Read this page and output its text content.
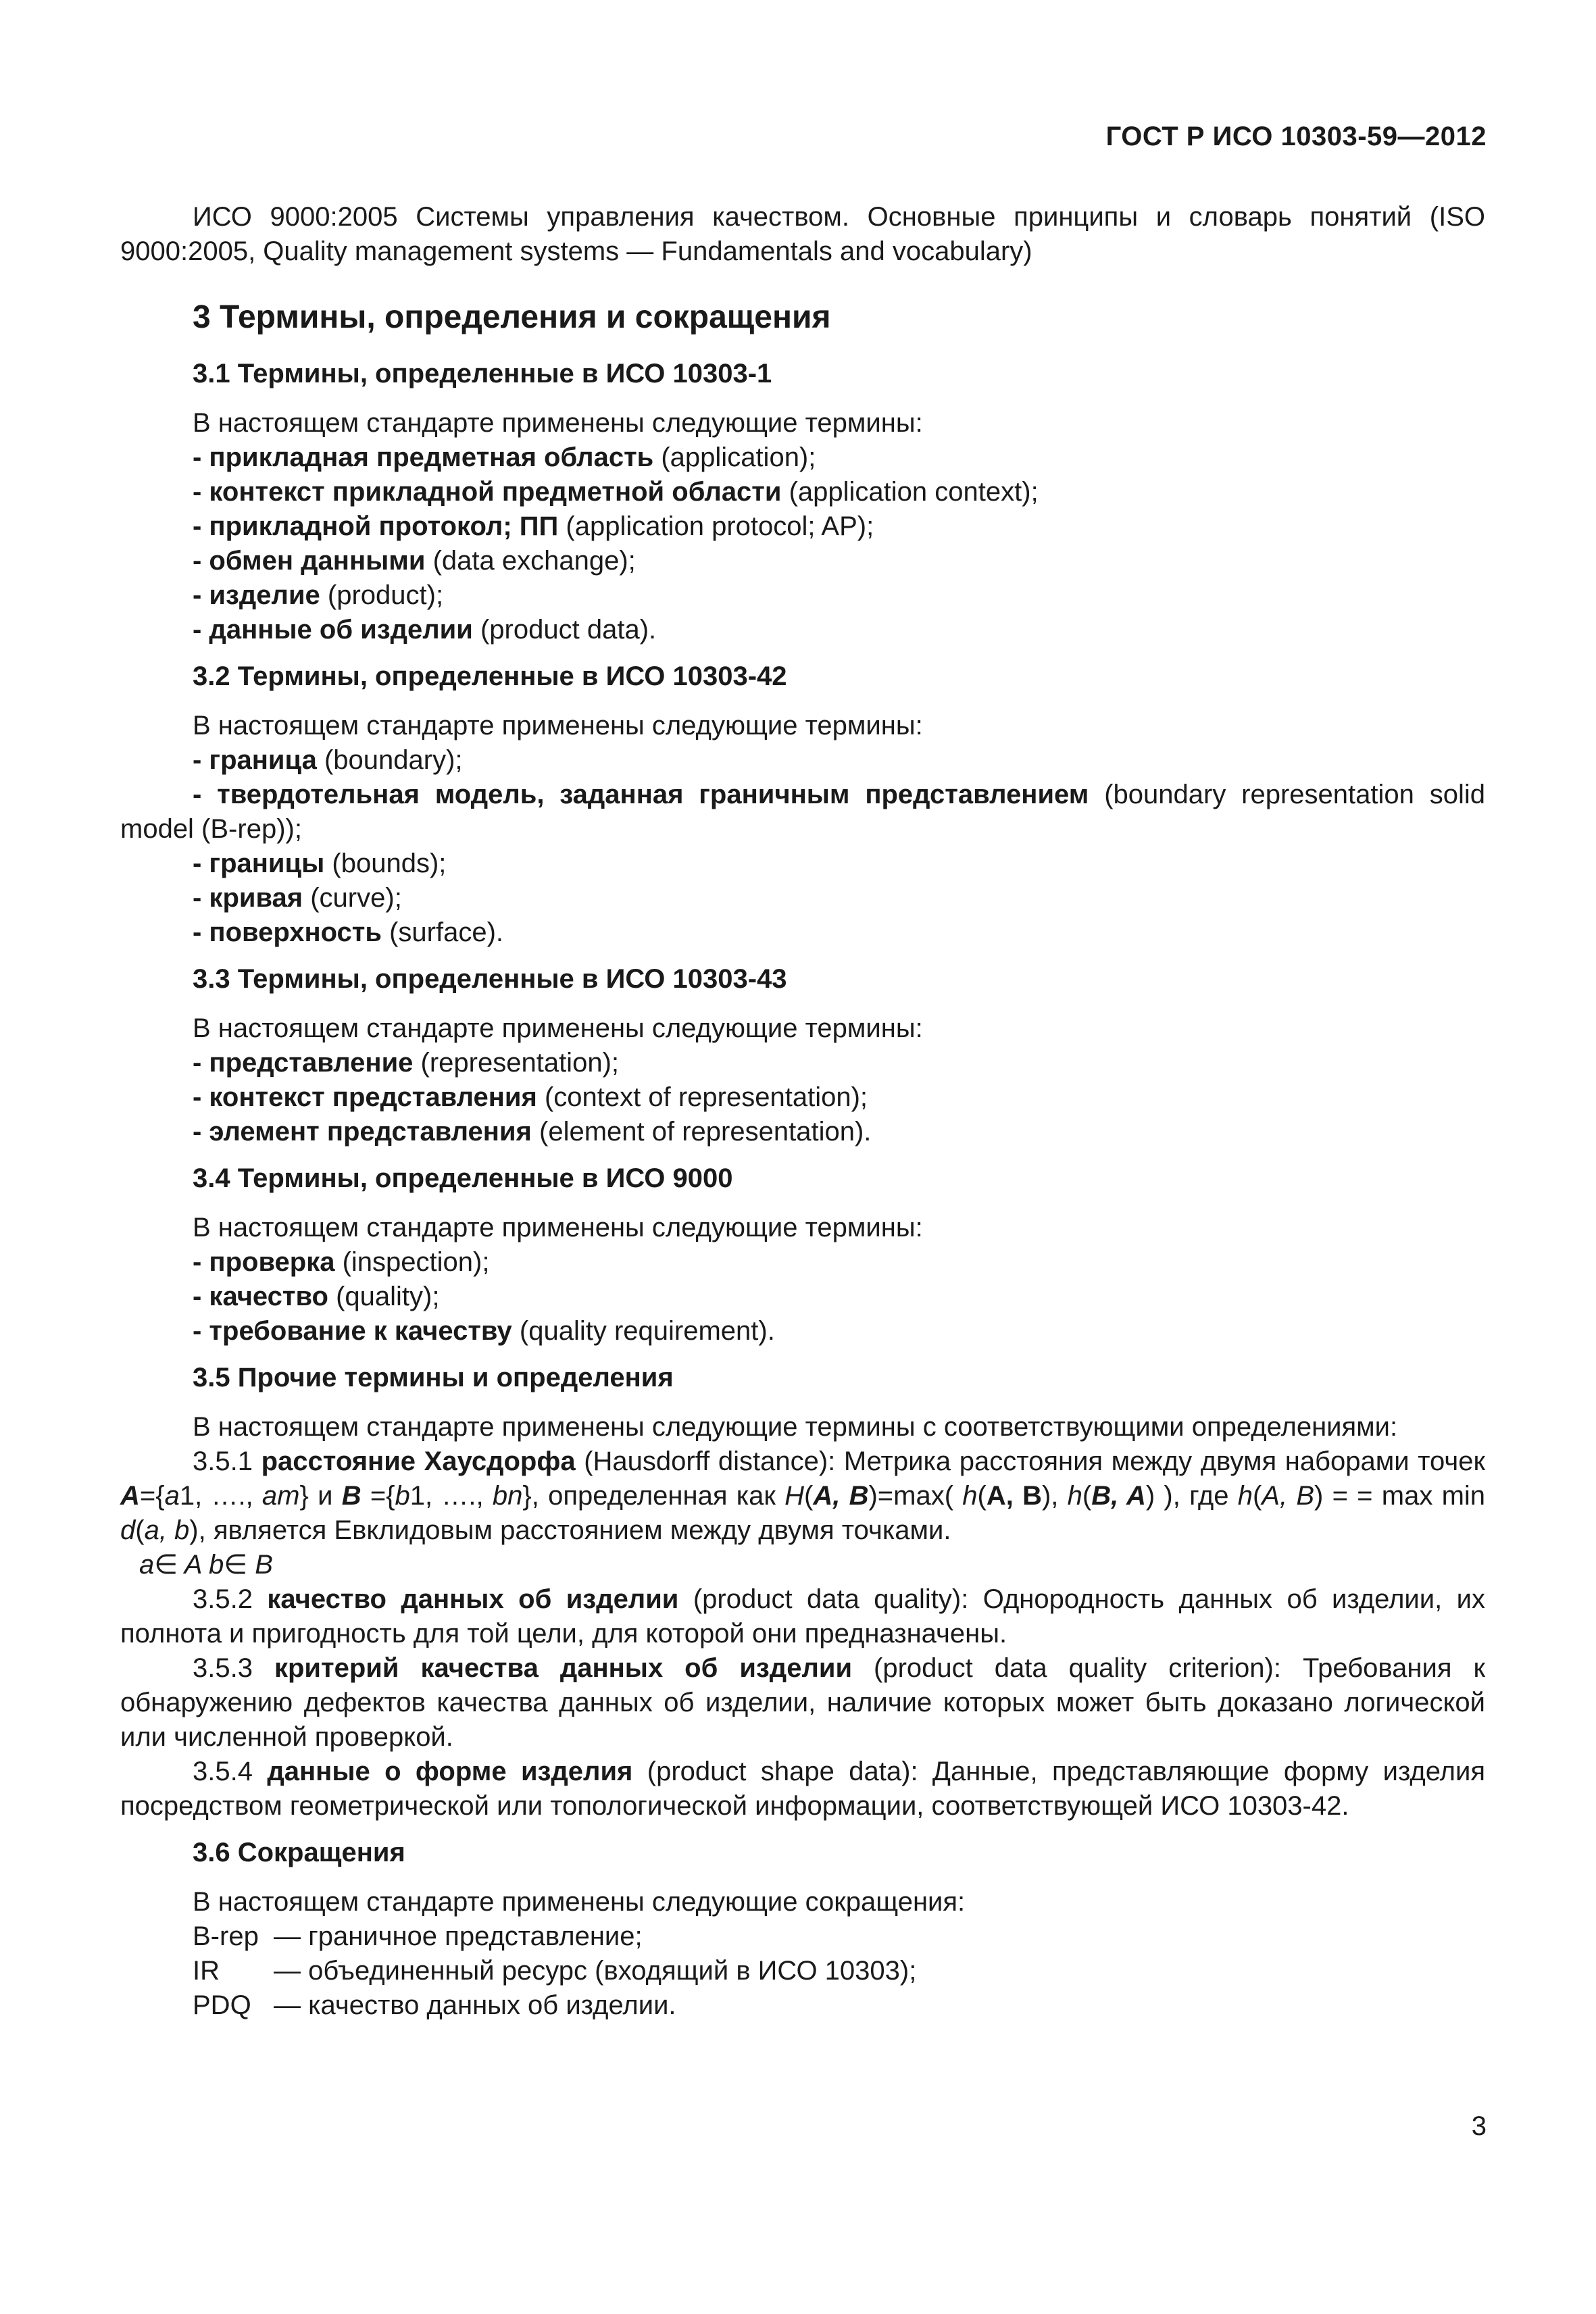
ГОСТ Р ИСО 10303-59—2012

ИСО 9000:2005 Системы управления качеством. Основные принципы и словарь понятий (ISO 9000:2005, Quality management systems — Fundamentals and vocabulary)

3 Термины, определения и сокращения
3.1 Термины, определенные в ИСО 10303-1

В настоящем стандарте применены следующие термины:

- прикладная предметная область (application);

- контекст прикладной предметной области (application context);

- прикладной протокол; ПП (application protocol; AP);

- обмен данными (data exchange);

- изделие (product);

- данные об изделии (product data).

3.2 Термины, определенные в ИСО 10303-42

В настоящем стандарте применены следующие термины:

- граница (boundary);

- твердотельная модель, заданная граничным представлением (boundary representation solid model (B-rep));

- границы (bounds);

- кривая (curve);

- поверхность (surface).

3.3 Термины, определенные в ИСО 10303-43

В настоящем стандарте применены следующие термины:

- представление (representation);

- контекст представления (context of representation);

- элемент представления (element of representation).

3.4 Термины, определенные в ИСО 9000

В настоящем стандарте применены следующие термины:

- проверка (inspection);

- качество (quality);

- требование к качеству (quality requirement).

3.5 Прочие термины и определения

В настоящем стандарте применены следующие термины с соответствующими определениями:

3.5.1 расстояние Хаусдорфа (Hausdorff distance): Метрика расстояния между двумя наборами точек A={a1, …., am} и B ={b1, …., bn}, определенная как H(A, B)=max( h(A, B), h(B, A) ), где h(A, B) = = max min d(a, b), является Евклидовым расстоянием между двумя точками.

a∈ A b∈ B

3.5.2 качество данных об изделии (product data quality): Однородность данных об изделии, их полнота и пригодность для той цели, для которой они предназначены.

3.5.3 критерий качества данных об изделии (product data quality criterion): Требования к обнаружению дефектов качества данных об изделии, наличие которых может быть доказано логической или численной проверкой.

3.5.4 данные о форме изделия (product shape data): Данные, представляющие форму изделия посредством геометрической или топологической информации, соответствующей ИСО 10303-42.

3.6 Сокращения

В настоящем стандарте применены следующие сокращения:

B-rep — граничное представление;
IR	— объединенный ресурс (входящий в ИСО 10303);
PDQ — качество данных об изделии.
3
